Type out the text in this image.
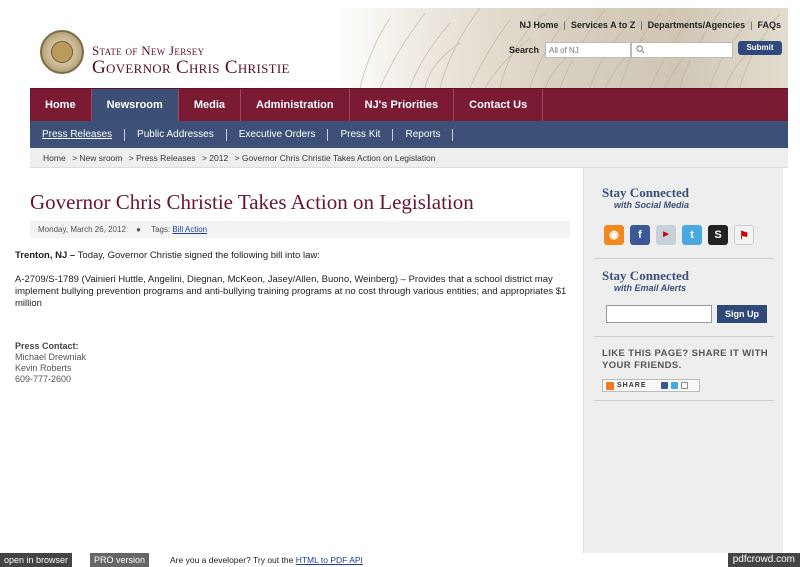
State of New Jersey
Governor Chris Christie
NJ Home | Services A to Z | Departments/Agencies | FAQs
Search
All of NJ	Submit
Home	Newsroom	Media	Administration	NJ's Priorities	Contact Us
Press Releases	Public Addresses	Executive Orders	Press Kit	Reports
Home > New sroom > Press Releases > 2012 > Governor Chris Christie Takes Action on Legislation
Governor Chris Christie Takes Action on Legislation
Monday, March 26, 2012 ● Tags: Bill Action

Trenton, NJ – Today, Governor Christie signed the following bill into law:

A-2709/S-1789 (Vainieri Huttle, Angelini, Diegnan, McKeon, Jasey/Allen, Buono, Weinberg) – Provides that a school district may implement bullying prevention programs and anti-bullying training programs at no cost through various entities; and appropriates $1 million

Press Contact:
Michael Drewniak
Kevin Roberts
609-777-2600
Stay Connected
with Social Media
◉	f	▶	t	S	⚑
Stay Connected
with Email Alerts
Sign Up
LIKE THIS PAGE? SHARE IT WITH YOUR FRIENDS.
SHARE
open in browser	PRO version	Are you a developer? Try out the HTML to PDF API	pdfcrowd.com
